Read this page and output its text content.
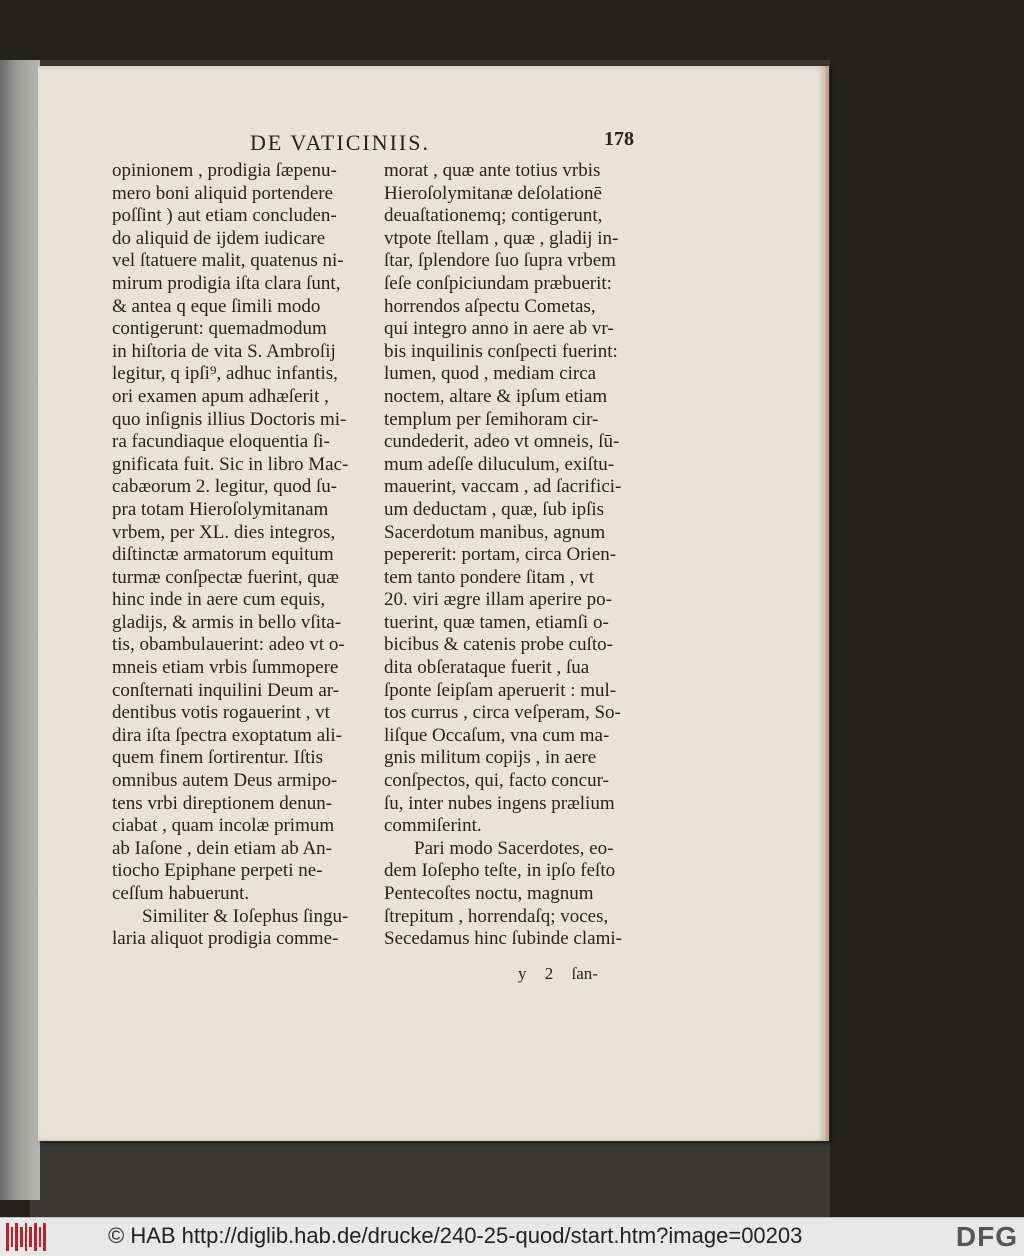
DE VATICINIIS.	178
opinionem , prodigia ſæpenu-
mero boni aliquid portendere
poſſint ) aut etiam concluden-
do aliquid de ijdem iudicare
vel ſtatuere malit, quatenus ni-
mirum prodigia iſta clara ſunt,
& antea q eque ſimili modo
contigerunt: quemadmodum
in hiſtoria de vita S. Ambroſij
legitur, q ipſi⁹, adhuc infantis,
ori examen apum adhæſerit ,
quo inſignis illius Doctoris mi-
ra facundiaque eloquentia ſi-
gnificata fuit. Sic in libro Mac-
cabæorum 2. legitur, quod ſu-
pra totam Hieroſolymitanam
vrbem, per XL. dies integros,
diſtinctæ armatorum equitum
turmæ conſpectæ fuerint, quæ
hinc inde in aere cum equis,
gladijs, & armis in bello vſita-
tis, obambulauerint: adeo vt o-
mneis etiam vrbis ſummopere
conſternati inquilini Deum ar-
dentibus votis rogauerint , vt
dira iſta ſpectra exoptatum ali-
quem finem ſortirentur. Iſtis
omnibus autem Deus armipo-
tens vrbi direptionem denun-
ciabat , quam incolæ primum
ab Iaſone , dein etiam ab An-
tiocho Epiphane perpeti ne-
ceſſum habuerunt.
Similiter & Ioſephus ſingu-
laria aliquot prodigia comme-
morat , quæ ante totius vrbis
Hieroſolymitanæ deſolationē
deuaſtationemq; contigerunt,
vtpote ſtellam , quæ , gladij in-
ſtar, ſplendore ſuo ſupra vrbem
ſeſe conſpiciundam præbuerit:
horrendos aſpectu Cometas,
qui integro anno in aere ab vr-
bis inquilinis conſpecti fuerint:
lumen, quod , mediam circa
noctem, altare & ipſum etiam
templum per ſemihoram cir-
cundederit, adeo vt omneis, ſū-
mum adeſſe diluculum, exiſtu-
mauerint, vaccam , ad ſacrifici-
um deductam , quæ, ſub ipſis
Sacerdotum manibus, agnum
pepererit: portam, circa Orien-
tem tanto pondere ſitam , vt
20. viri ægre illam aperire po-
tuerint, quæ tamen, etiamſi o-
bicibus & catenis probe cuſto-
dita obſerataque fuerit , ſua
ſponte ſeipſam aperuerit : mul-
tos currus , circa veſperam, So-
liſque Occaſum, vna cum ma-
gnis militum copijs , in aere
conſpectos, qui, facto concur-
ſu, inter nubes ingens prælium
commiſerint.
Pari modo Sacerdotes, eo-
dem Ioſepho teſte, in ipſo feſto
Pentecoſtes noctu, magnum
ſtrepitum , horrendaſq; voces,
Secedamus hinc ſubinde clami-
y 2 ſan-
© HAB http://diglib.hab.de/drucke/240-25-quod/start.htm?image=00203	DFG
